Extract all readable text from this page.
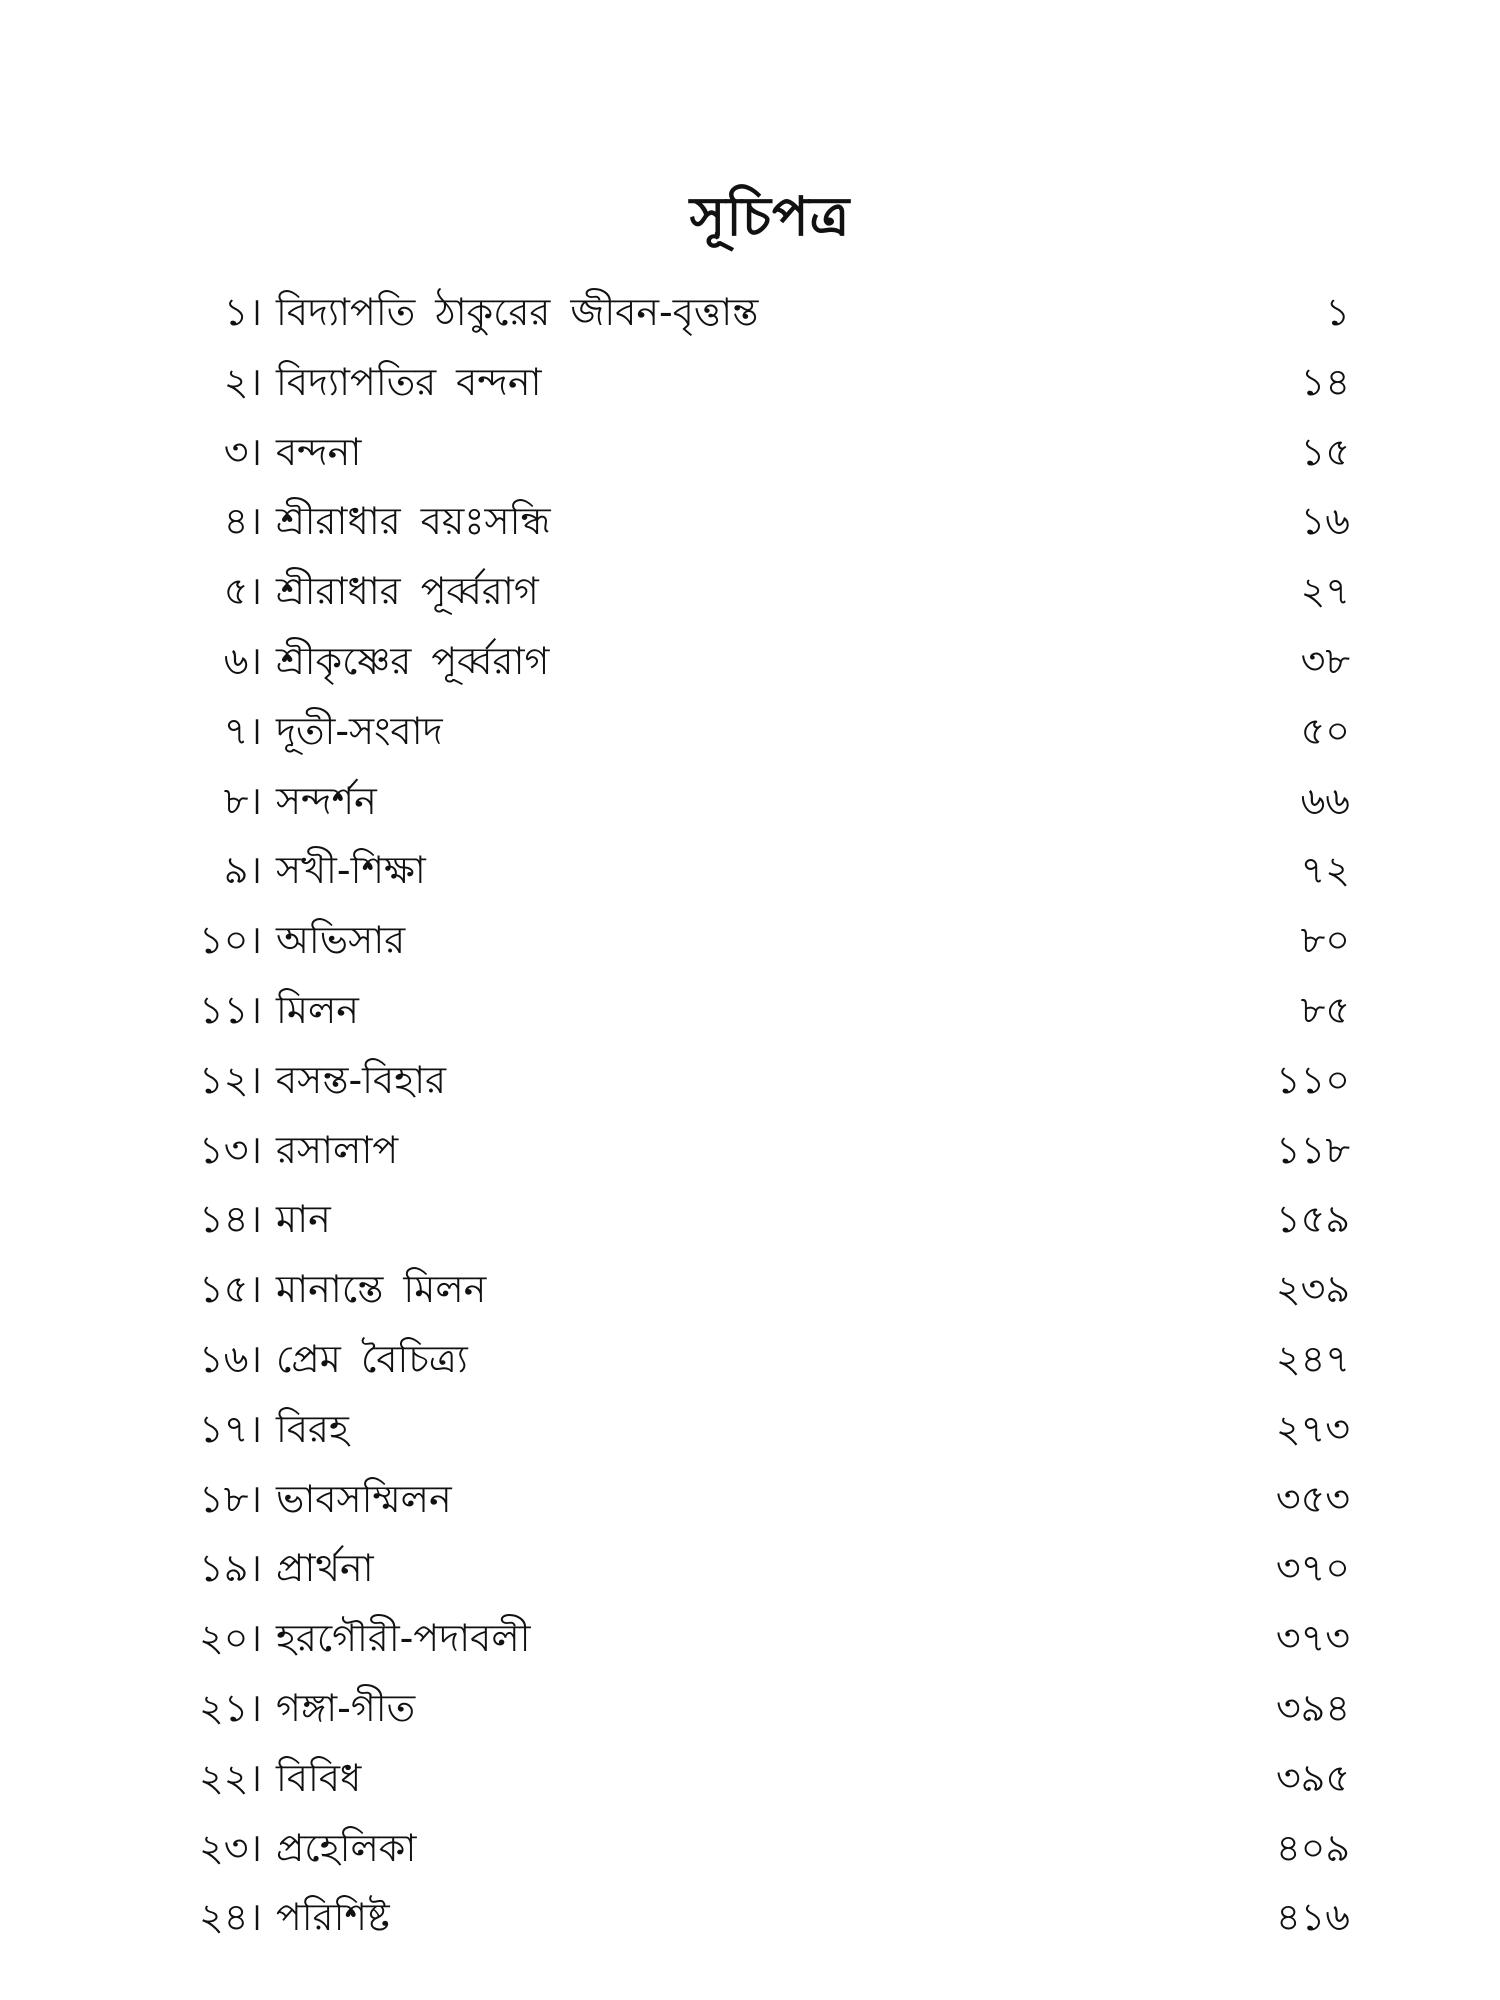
সূচিপত্র
১। বিদ্যাপতি ঠাকুরের জীবন-বৃত্তান্ত	১
২। বিদ্যাপতির বন্দনা	১৪
৩। বন্দনা	১৫
৪। শ্রীরাধার বয়ঃসন্ধি	১৬
৫। শ্রীরাধার পূর্ব্বরাগ	২৭
৬। শ্রীকৃষ্ণের পূর্ব্বরাগ	৩৮
৭। দূতী-সংবাদ	৫০
৮। সন্দর্শন	৬৬
৯। সখী-শিক্ষা	৭২
১০। অভিসার	৮০
১১। মিলন	৮৫
১২। বসন্ত-বিহার	১১০
১৩। রসালাপ	১১৮
১৪। মান	১৫৯
১৫। মানান্তে মিলন	২৩৯
১৬। প্রেম বৈচিত্র্য	২৪৭
১৭। বিরহ	২৭৩
১৮। ভাবসম্মিলন	৩৫৩
১৯। প্রার্থনা	৩৭০
২০। হরগৌরী-পদাবলী	৩৭৩
২১। গঙ্গা-গীত	৩৯৪
২২। বিবিধ	৩৯৫
২৩। প্রহেলিকা	৪০৯
২৪। পরিশিষ্ট	৪১৬
